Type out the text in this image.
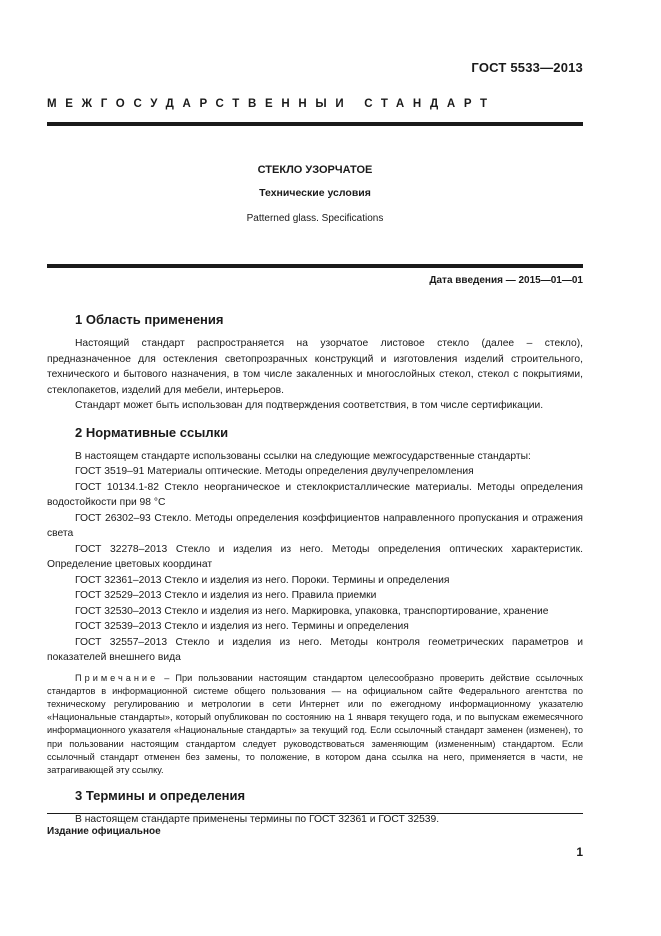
ГОСТ 5533—2013
МЕЖГОСУДАРСТВЕННЫЙ СТАНДАРТ
СТЕКЛО УЗОРЧАТОЕ
Технические условия
Patterned glass. Specifications
Дата введения — 2015—01—01
1 Область применения

Настоящий стандарт распространяется на узорчатое листовое стекло (далее – стекло), предназначенное для остекления светопрозрачных конструкций и изготовления изделий строительного, технического и бытового назначения, в том числе закаленных и многослойных стекол, стекол с покрытиями, стеклопакетов, изделий для мебели, интерьеров.

Стандарт может быть использован для подтверждения соответствия, в том числе сертификации.

2 Нормативные ссылки

В настоящем стандарте использованы ссылки на следующие межгосударственные стандарты:

ГОСТ 3519–91 Материалы оптические. Методы определения двулучепреломления

ГОСТ 10134.1-82 Стекло неорганическое и стеклокристаллические материалы. Методы определения водостойкости при 98 °С

ГОСТ 26302–93 Стекло. Методы определения коэффициентов направленного пропускания и отражения света

ГОСТ 32278–2013 Стекло и изделия из него. Методы определения оптических характеристик. Определение цветовых координат

ГОСТ 32361–2013 Стекло и изделия из него. Пороки. Термины и определения

ГОСТ 32529–2013 Стекло и изделия из него. Правила приемки

ГОСТ 32530–2013 Стекло и изделия из него. Маркировка, упаковка, транспортирование, хранение

ГОСТ 32539–2013 Стекло и изделия из него. Термины и определения

ГОСТ 32557–2013 Стекло и изделия из него. Методы контроля геометрических параметров и показателей внешнего вида

Примечание – При пользовании настоящим стандартом целесообразно проверить действие ссылочных стандартов в информационной системе общего пользования — на официальном сайте Федерального агентства по техническому регулированию и метрологии в сети Интернет или по ежегодному информационному указателю «Национальные стандарты», который опубликован по состоянию на 1 января текущего года, и по выпускам ежемесячного информационного указателя «Национальные стандарты» за текущий год. Если ссылочный стандарт заменен (изменен), то при пользовании настоящим стандартом следует руководствоваться заменяющим (измененным) стандартом. Если ссылочный стандарт отменен без замены, то положение, в котором дана ссылка на него, применяется в части, не затрагивающей эту ссылку.

3 Термины и определения

В настоящем стандарте применены термины по ГОСТ 32361 и ГОСТ 32539.

Издание официальное
1
